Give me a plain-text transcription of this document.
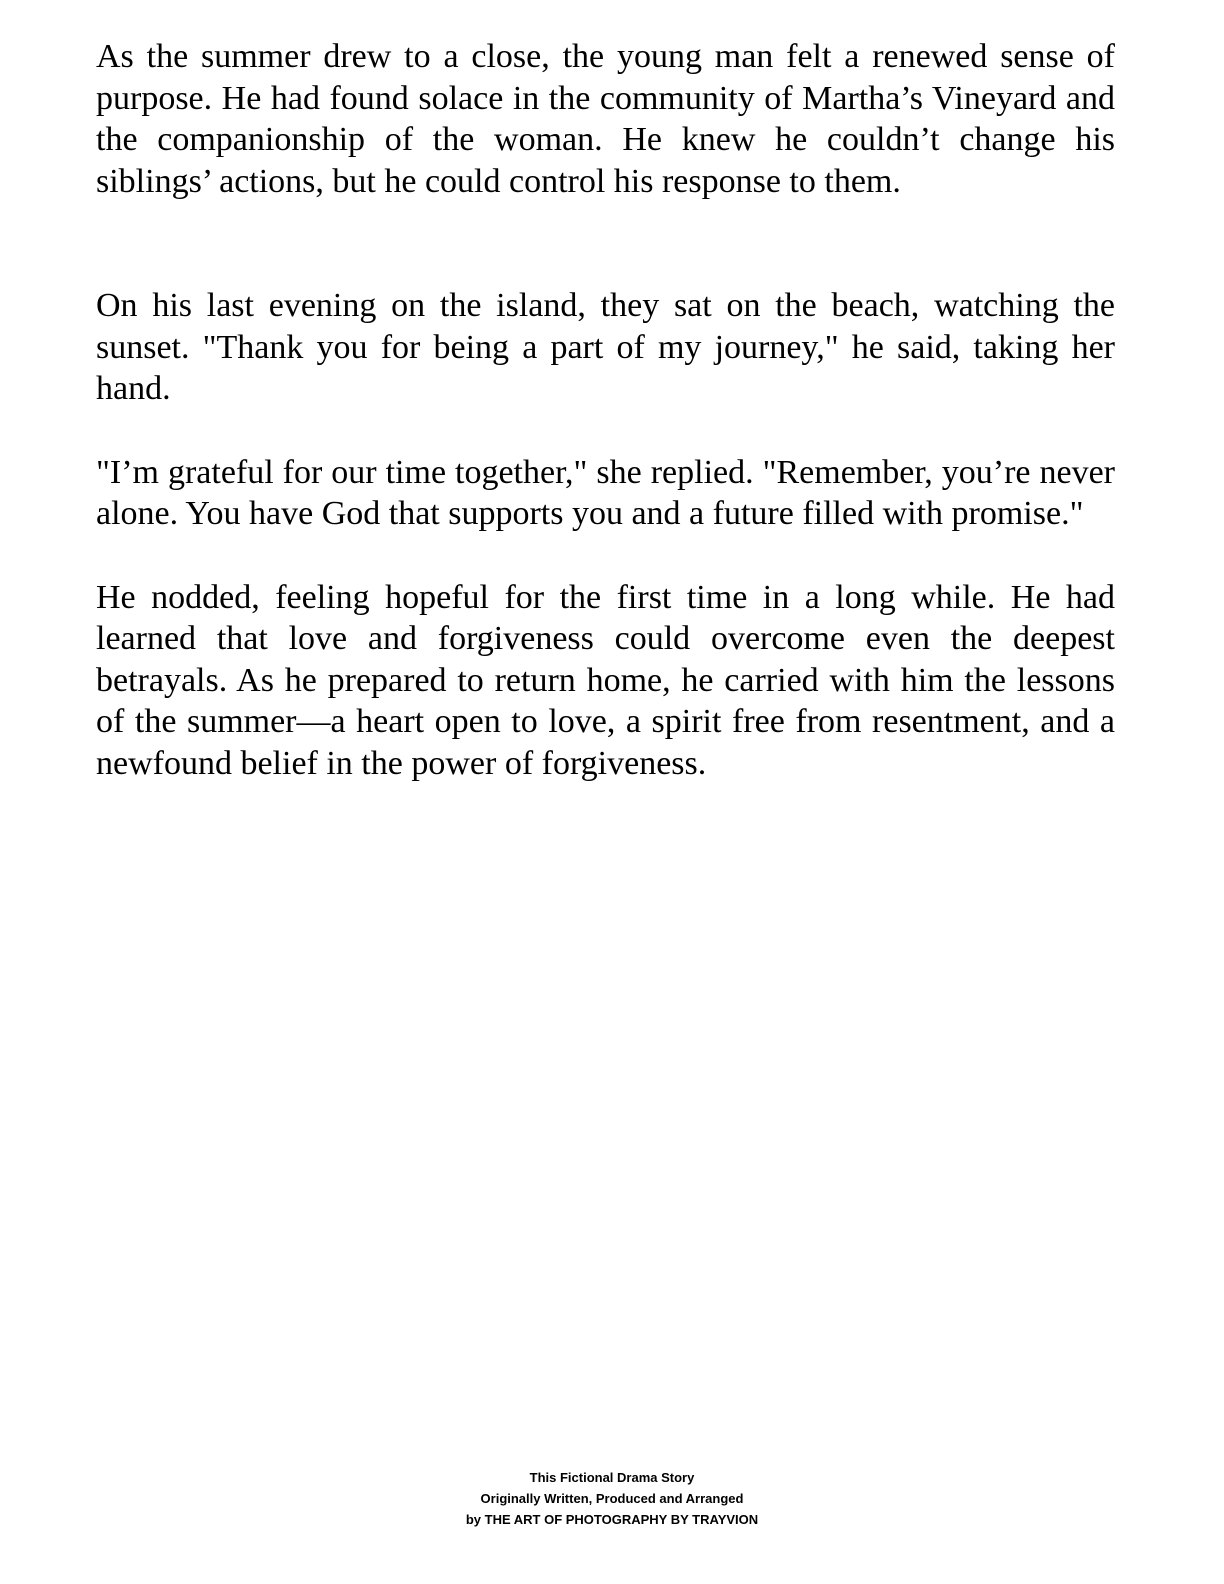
As the summer drew to a close, the young man felt a renewed sense of purpose. He had found solace in the community of Martha’s Vineyard and the companionship of the woman. He knew he couldn’t change his siblings’ actions, but he could control his response to them.

On his last evening on the island, they sat on the beach, watching the sunset. "Thank you for being a part of my journey," he said, taking her hand.

"I’m grateful for our time together," she replied. "Remember, you’re never alone. You have God that supports you and a future filled with promise."

He nodded, feeling hopeful for the first time in a long while. He had learned that love and forgiveness could overcome even the deepest betrayals. As he prepared to return home, he carried with him the lessons of the summer—a heart open to love, a spirit free from resentment, and a newfound belief in the power of forgiveness.

This Fictional Drama Story
Originally Written, Produced and Arranged
by THE ART OF PHOTOGRAPHY BY TRAYVION
